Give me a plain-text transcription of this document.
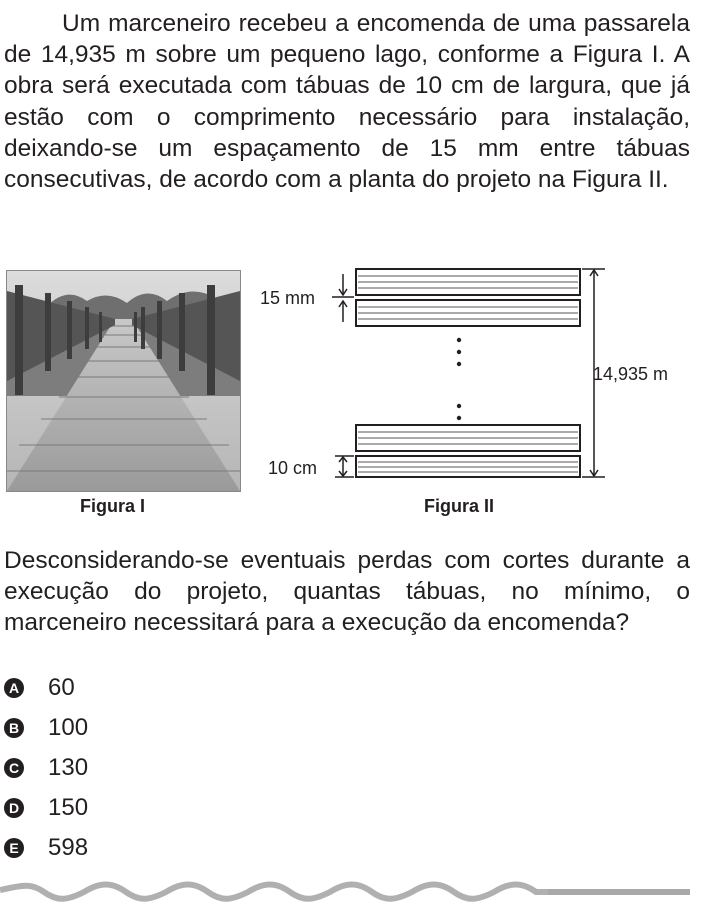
Um marceneiro recebeu a encomenda de uma passarela de 14,935 m sobre um pequeno lago, conforme a Figura I. A obra será executada com tábuas de 10 cm de largura, que já estão com o comprimento necessário para instalação, deixando-se um espaçamento de 15 mm entre tábuas consecutivas, de acordo com a planta do projeto na Figura II.

Figura I
15 mm
10 cm
14,935 m
Figura II

Desconsiderando-se eventuais perdas com cortes durante a execução do projeto, quantas tábuas, no mínimo, o marceneiro necessitará para a execução da encomenda?

A 60
B 100
C 130
D 150
E 598
